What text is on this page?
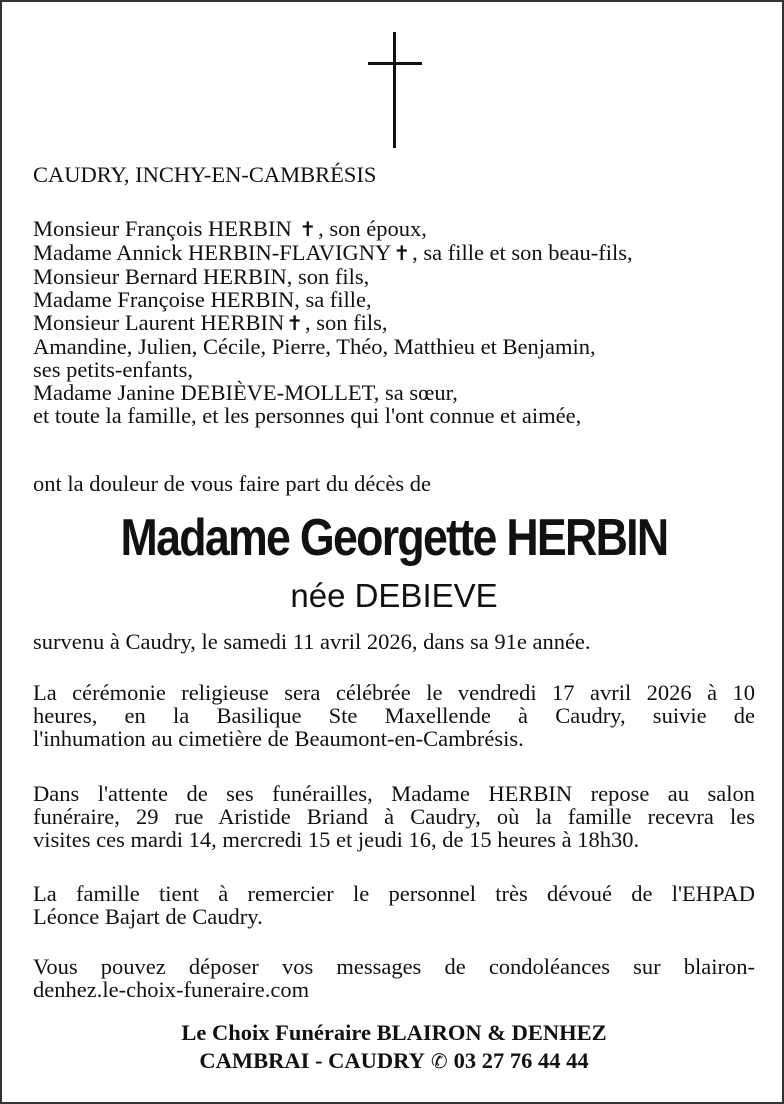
CAUDRY, INCHY-EN-CAMBRÉSIS
Monsieur François HERBIN ✝, son époux,
Madame Annick HERBIN-FLAVIGNY ✝, sa fille et son beau-fils,
Monsieur Bernard HERBIN, son fils,
Madame Françoise HERBIN, sa fille,
Monsieur Laurent HERBIN ✝, son fils,
Amandine, Julien, Cécile, Pierre, Théo, Matthieu et Benjamin,
ses petits-enfants,
Madame Janine DEBIÈVE-MOLLET, sa sœur,
et toute la famille, et les personnes qui l'ont connue et aimée,
ont la douleur de vous faire part du décès de
Madame Georgette HERBIN
née DEBIEVE
survenu à Caudry, le samedi 11 avril 2026, dans sa 91e année.
La cérémonie religieuse sera célébrée le vendredi 17 avril 2026 à 10
heures, en la Basilique Ste Maxellende à Caudry, suivie de
l'inhumation au cimetière de Beaumont-en-Cambrésis.
Dans l'attente de ses funérailles, Madame HERBIN repose au salon
funéraire, 29 rue Aristide Briand à Caudry, où la famille recevra les
visites ces mardi 14, mercredi 15 et jeudi 16, de 15 heures à 18h30.
La famille tient à remercier le personnel très dévoué de l'EHPAD
Léonce Bajart de Caudry.
Vous pouvez déposer vos messages de condoléances sur blairon-
denhez.le-choix-funeraire.com
Le Choix Funéraire BLAIRON & DENHEZ
CAMBRAI - CAUDRY ✆ 03 27 76 44 44
